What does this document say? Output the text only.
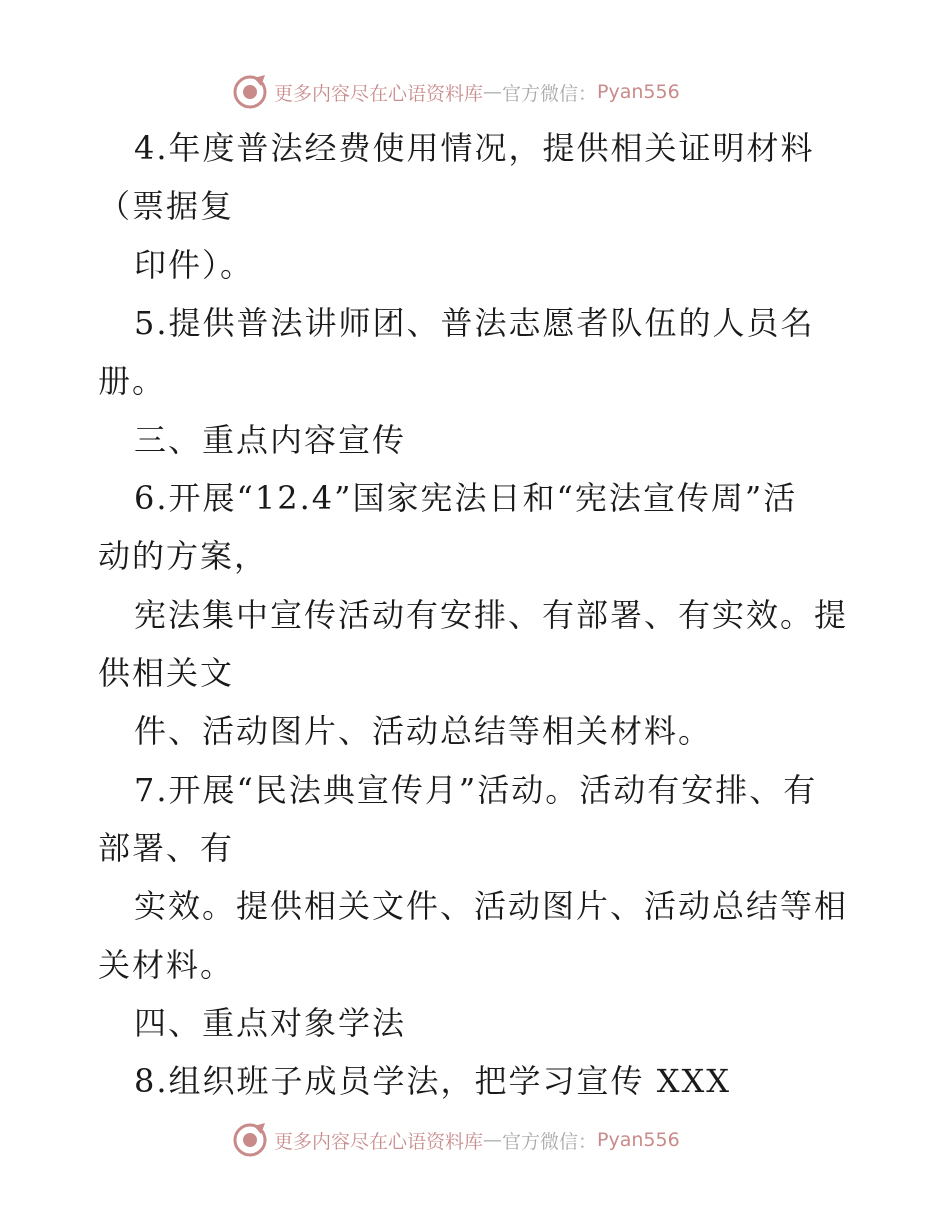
更多内容尽在心语资料库 — 官方微信： Pyan556
4.年度普法经费使用情况，提供相关证明材料
（票据复
印件）。
5.提供普法讲师团、普法志愿者队伍的人员名
册。
三、重点内容宣传
6.开展“12.4”国家宪法日和“宪法宣传周”活
动的方案，
宪法集中宣传活动有安排、有部署、有实效。提
供相关文
件、活动图片、活动总结等相关材料。
7.开展“民法典宣传月”活动。活动有安排、有
部署、有
实效。提供相关文件、活动图片、活动总结等相
关材料。
四、重点对象学法
8.组织班子成员学法，把学习宣传 XXX
更多内容尽在心语资料库 — 官方微信： Pyan556
